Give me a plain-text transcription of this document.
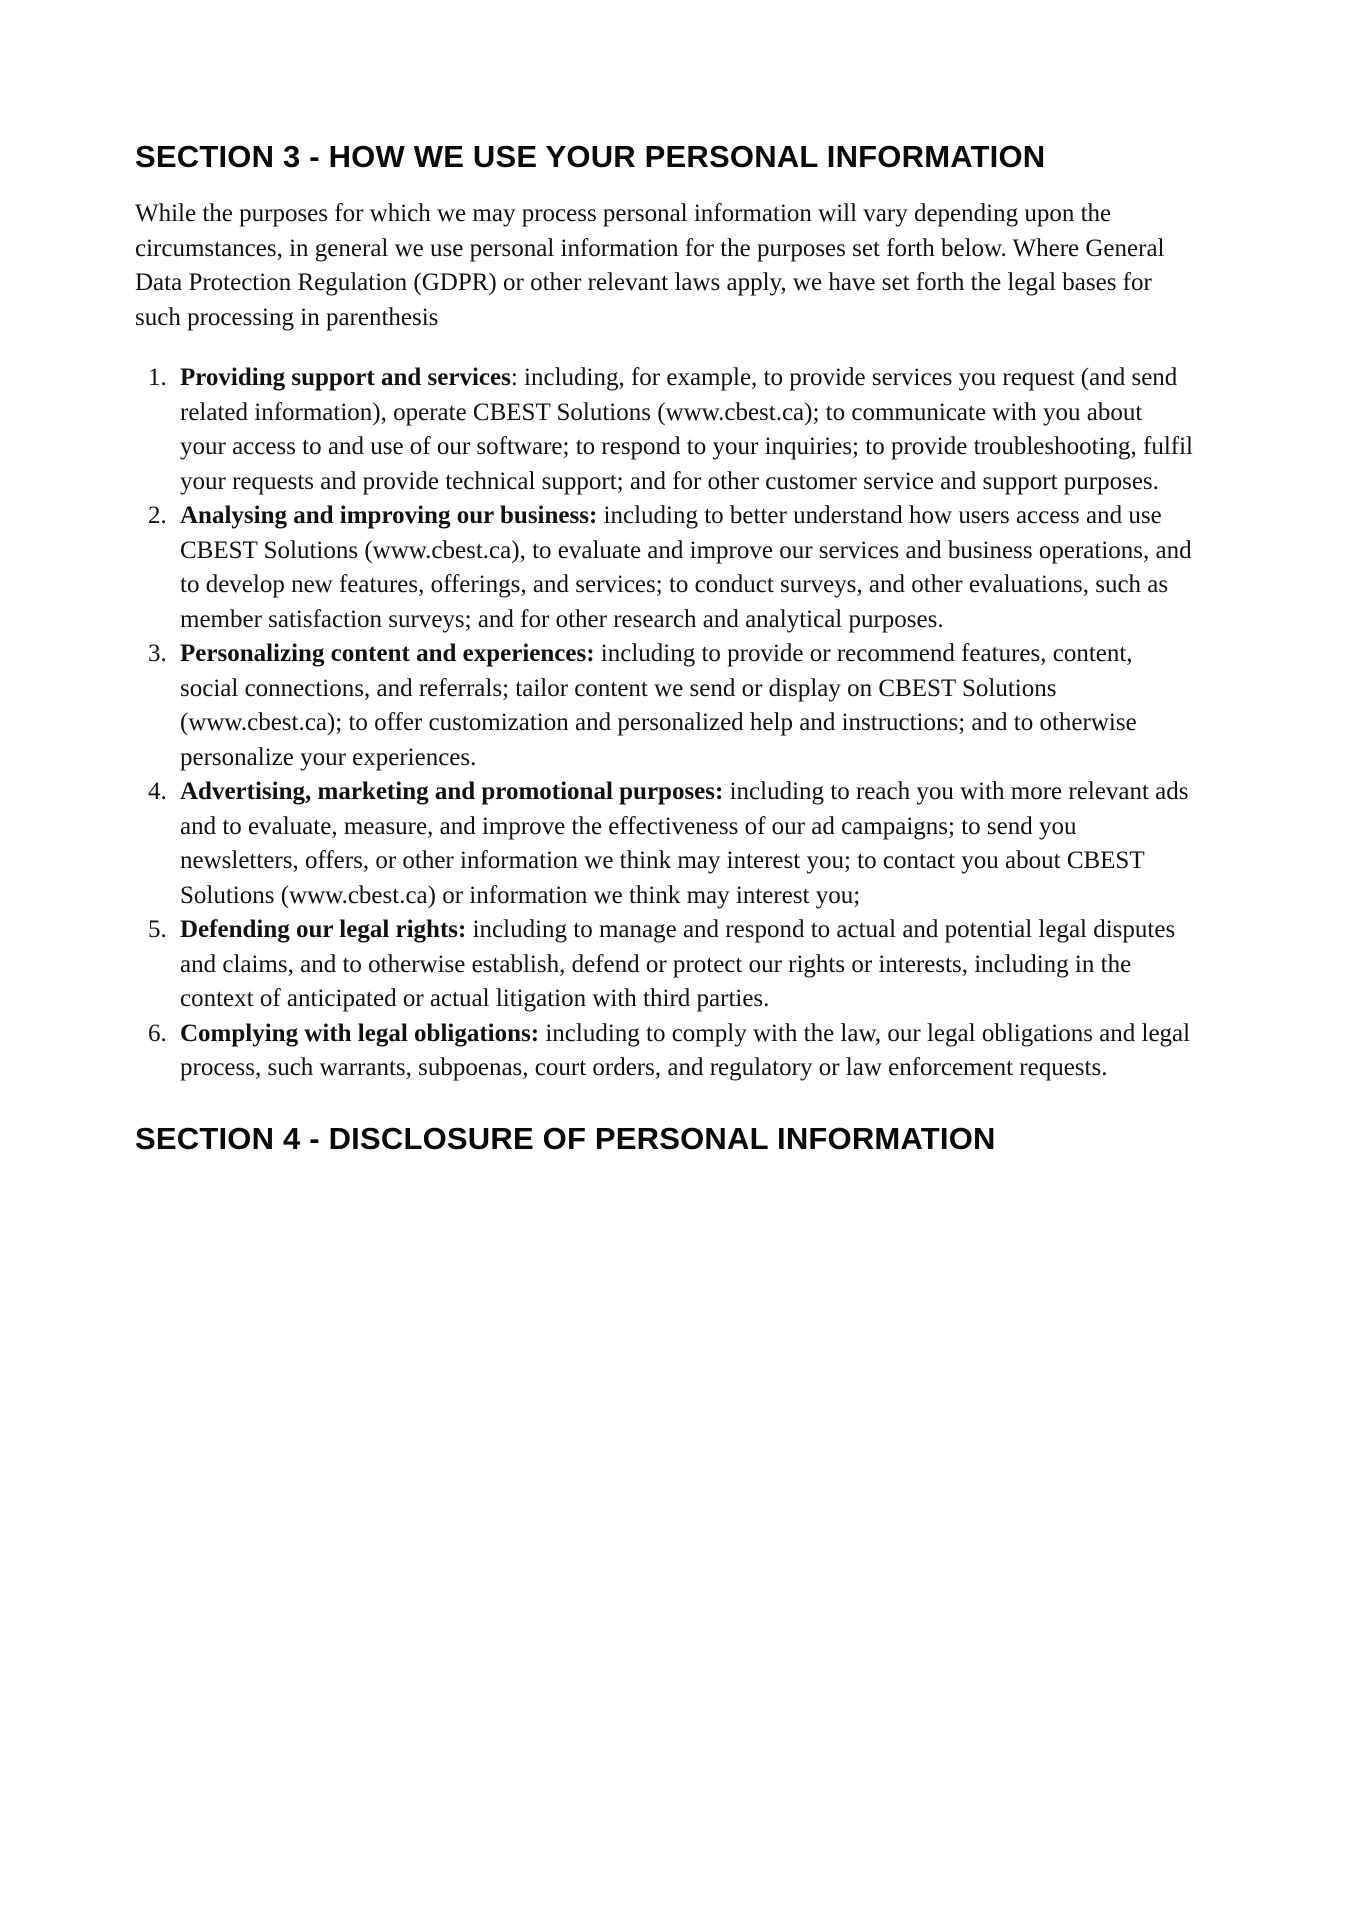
SECTION 3 - HOW WE USE YOUR PERSONAL INFORMATION

While the purposes for which we may process personal information will vary depending upon the circumstances, in general we use personal information for the purposes set forth below. Where General Data Protection Regulation (GDPR) or other relevant laws apply, we have set forth the legal bases for such processing in parenthesis

1. Providing support and services: including, for example, to provide services you request (and send related information), operate CBEST Solutions (www.cbest.ca); to communicate with you about your access to and use of our software; to respond to your inquiries; to provide troubleshooting, fulfil your requests and provide technical support; and for other customer service and support purposes.
2. Analysing and improving our business: including to better understand how users access and use CBEST Solutions (www.cbest.ca), to evaluate and improve our services and business operations, and to develop new features, offerings, and services; to conduct surveys, and other evaluations, such as member satisfaction surveys; and for other research and analytical purposes.
3. Personalizing content and experiences: including to provide or recommend features, content, social connections, and referrals; tailor content we send or display on CBEST Solutions (www.cbest.ca); to offer customization and personalized help and instructions; and to otherwise personalize your experiences.
4. Advertising, marketing and promotional purposes: including to reach you with more relevant ads and to evaluate, measure, and improve the effectiveness of our ad campaigns; to send you newsletters, offers, or other information we think may interest you; to contact you about CBEST Solutions (www.cbest.ca) or information we think may interest you;
5. Defending our legal rights: including to manage and respond to actual and potential legal disputes and claims, and to otherwise establish, defend or protect our rights or interests, including in the context of anticipated or actual litigation with third parties.
6. Complying with legal obligations: including to comply with the law, our legal obligations and legal process, such warrants, subpoenas, court orders, and regulatory or law enforcement requests.
SECTION 4 - DISCLOSURE OF PERSONAL INFORMATION
